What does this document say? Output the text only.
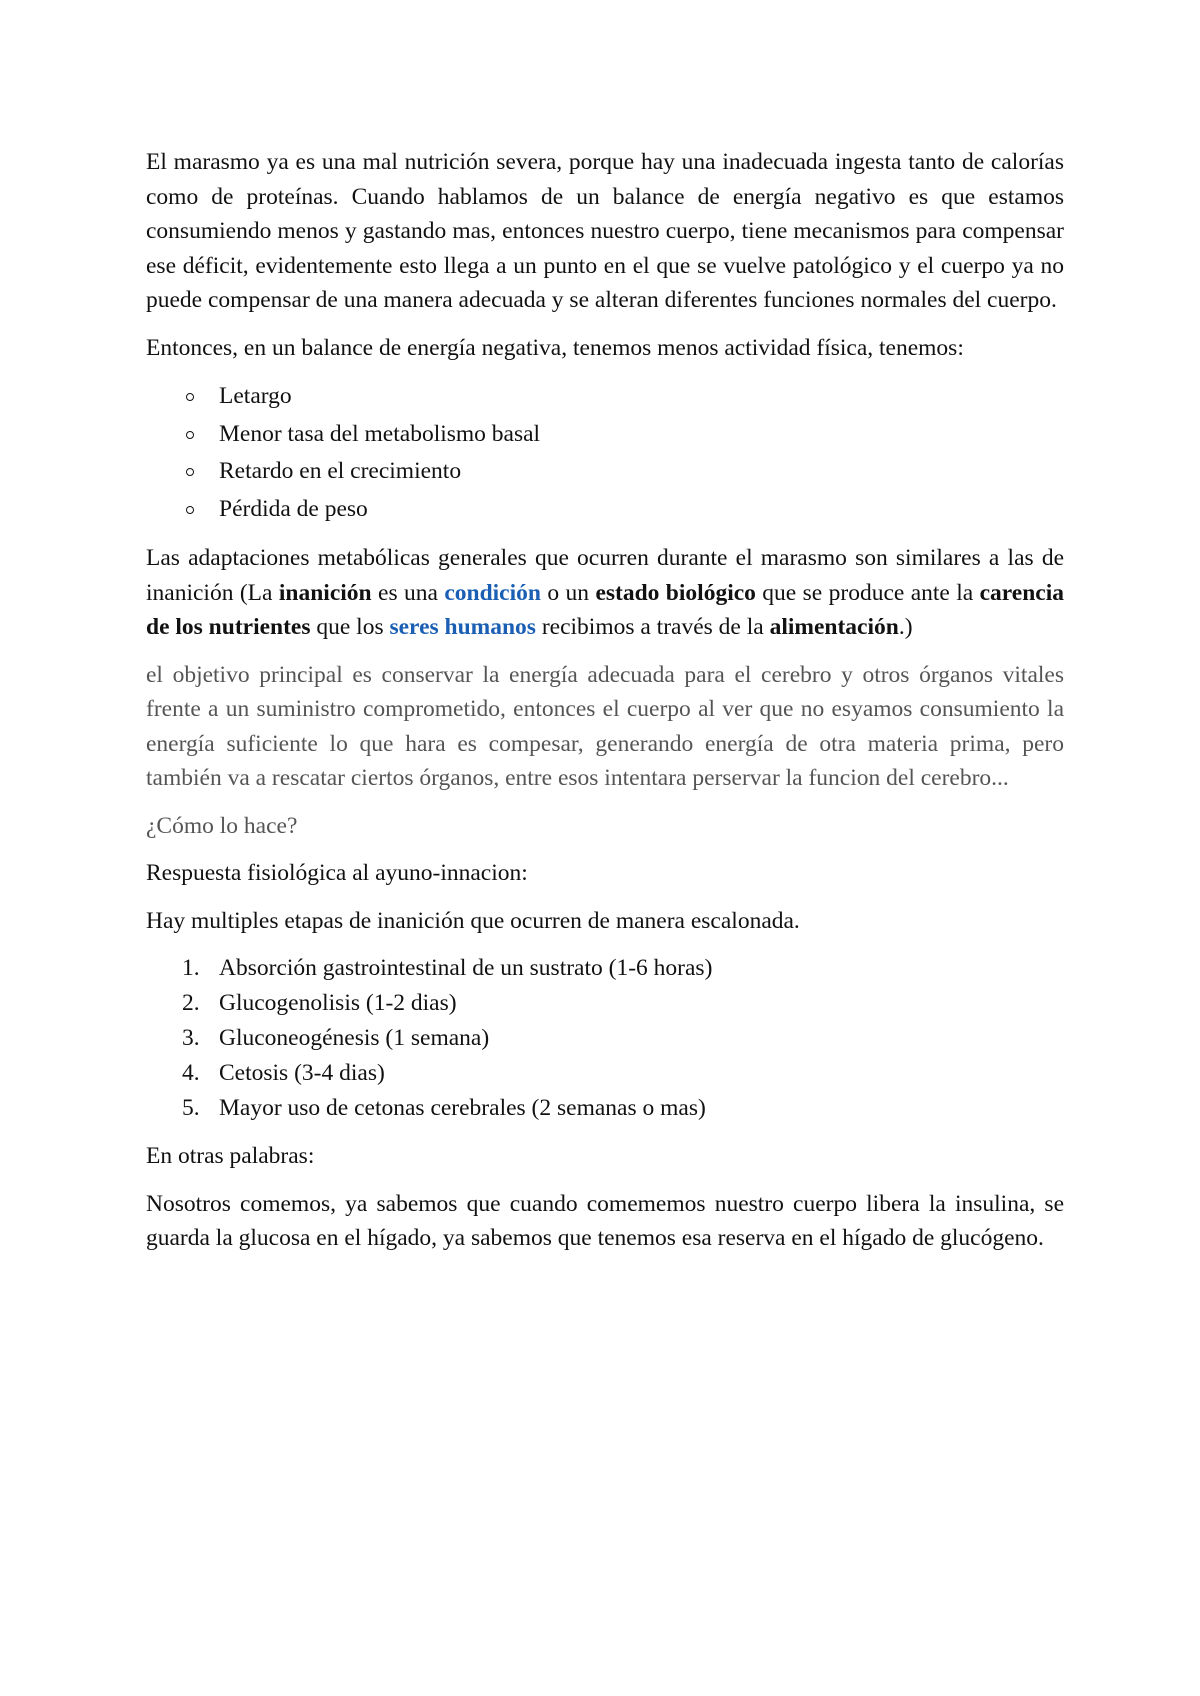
El marasmo ya es una mal nutrición severa, porque hay una inadecuada ingesta tanto de calorías como de proteínas. Cuando hablamos de un balance de energía negativo es que estamos consumiendo menos y gastando mas, entonces nuestro cuerpo, tiene mecanismos para compensar ese déficit, evidentemente esto llega a un punto en el que se vuelve patológico y el cuerpo ya no puede compensar de una manera adecuada y se alteran diferentes funciones normales del cuerpo.

Entonces, en un balance de energía negativa, tenemos menos actividad física, tenemos:

Letargo
Menor tasa del metabolismo basal
Retardo en el crecimiento
Pérdida de peso

Las adaptaciones metabólicas generales que ocurren durante el marasmo son similares a las de inanición (La inanición es una condición o un estado biológico que se produce ante la carencia de los nutrientes que los seres humanos recibimos a través de la alimentación.)

el objetivo principal es conservar la energía adecuada para el cerebro y otros órganos vitales frente a un suministro comprometido, entonces el cuerpo al ver que no esyamos consumiento la energía suficiente lo que hara es compesar, generando energía de otra materia prima, pero también va a rescatar ciertos órganos, entre esos intentara perservar la funcion del cerebro...

¿Cómo lo hace?

Respuesta fisiológica al ayuno-innacion:

Hay multiples etapas de inanición que ocurren de manera escalonada.

1. Absorción gastrointestinal de un sustrato (1-6 horas)
2. Glucogenolisis (1-2 dias)
3. Gluconeogénesis (1 semana)
4. Cetosis (3-4 dias)
5. Mayor uso de cetonas cerebrales (2 semanas o mas)

En otras palabras:

Nosotros comemos, ya sabemos que cuando comememos nuestro cuerpo libera la insulina, se guarda la glucosa en el hígado, ya sabemos que tenemos esa reserva en el hígado de glucógeno.
